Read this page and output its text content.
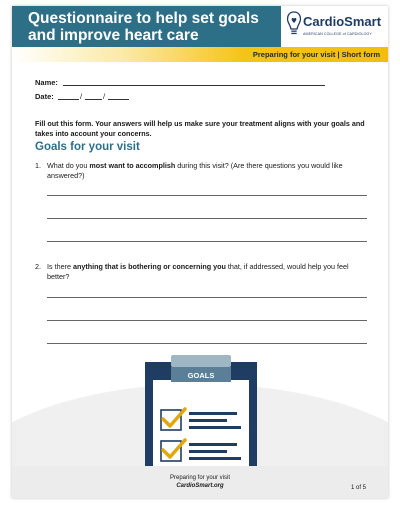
Questionnaire to help set goals
and improve heart care
CardioSmart
AMERICAN COLLEGE of CARDIOLOGY
Preparing for your visit | Short form
Name:
Date:	/	/
Fill out this form. Your answers will help us make sure your treatment aligns with your goals and takes into account your concerns.
Goals for your visit
1. What do you most want to accomplish during this visit? (Are there questions you would like answered?)
2. Is there anything that is bothering or concerning you that, if addressed, would help you feel better?
GOALS
Preparing for your visit
CardioSmart.org	1 of 5
